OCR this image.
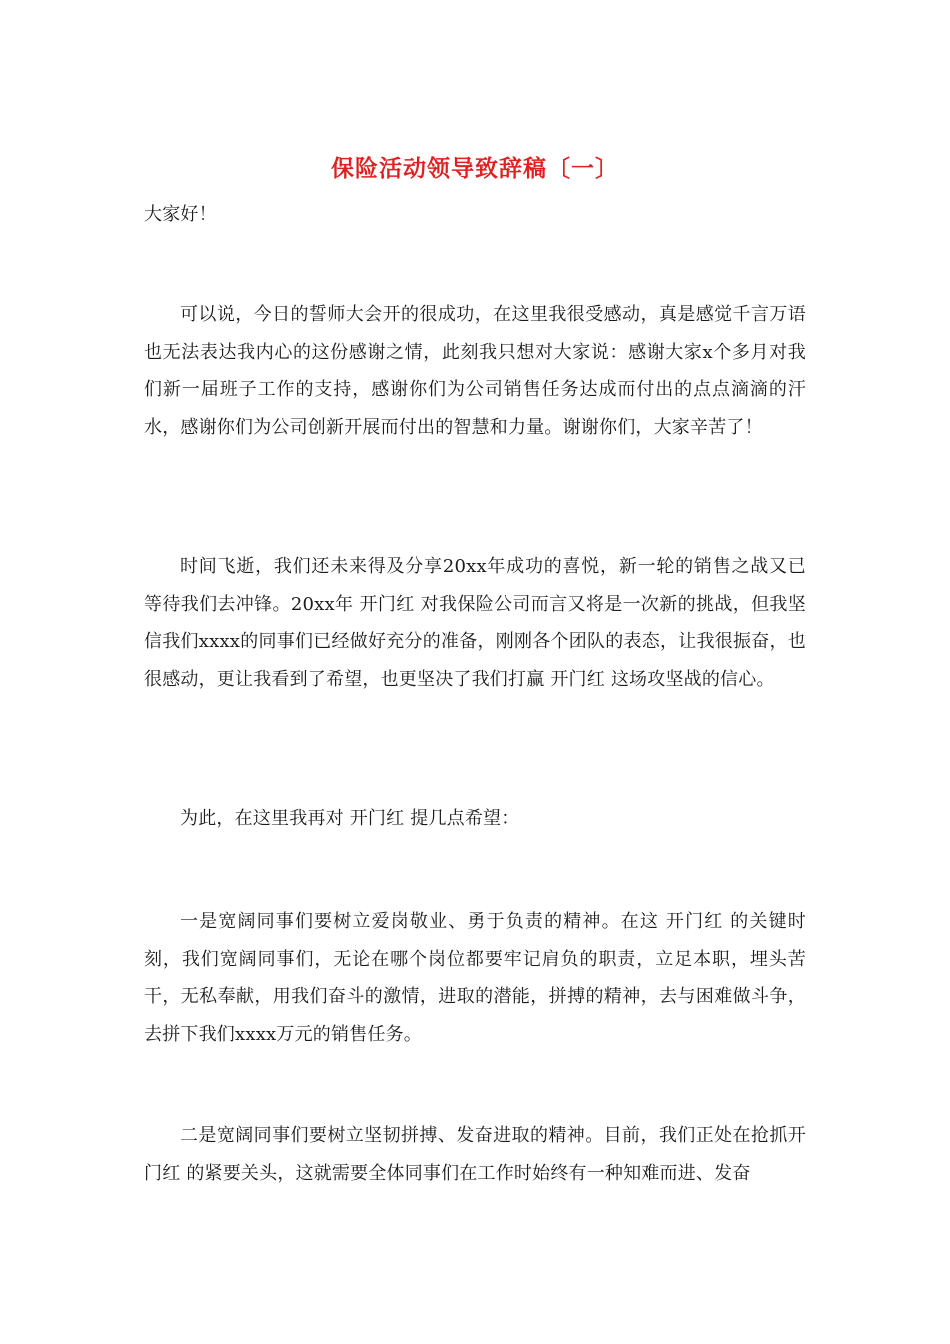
保险活动领导致辞稿〔一〕

大家好！

可以说，今日的誓师大会开的很成功，在这里我很受感动，真是感觉千言万语也无法表达我内心的这份感谢之情，此刻我只想对大家说：感谢大家x个多月对我们新一届班子工作的支持，感谢你们为公司销售任务达成而付出的点点滴滴的汗水，感谢你们为公司创新开展而付出的智慧和力量。谢谢你们，大家辛苦了！

时间飞逝，我们还未来得及分享20xx年成功的喜悦，新一轮的销售之战又已等待我们去冲锋。20xx年 开门红 对我保险公司而言又将是一次新的挑战，但我坚信我们xxxx的同事们已经做好充分的准备，刚刚各个团队的表态，让我很振奋，也很感动，更让我看到了希望，也更坚决了我们打赢 开门红 这场攻坚战的信心。

为此，在这里我再对 开门红 提几点希望：

一是宽阔同事们要树立爱岗敬业、勇于负责的精神。在这 开门红 的关键时刻，我们宽阔同事们，无论在哪个岗位都要牢记肩负的职责，立足本职，埋头苦干，无私奉献，用我们奋斗的激情，进取的潜能，拼搏的精神，去与困难做斗争，去拼下我们xxxx万元的销售任务。

二是宽阔同事们要树立坚韧拼搏、发奋进取的精神。目前，我们正处在抢抓开门红 的紧要关头，这就需要全体同事们在工作时始终有一种知难而进、发奋
